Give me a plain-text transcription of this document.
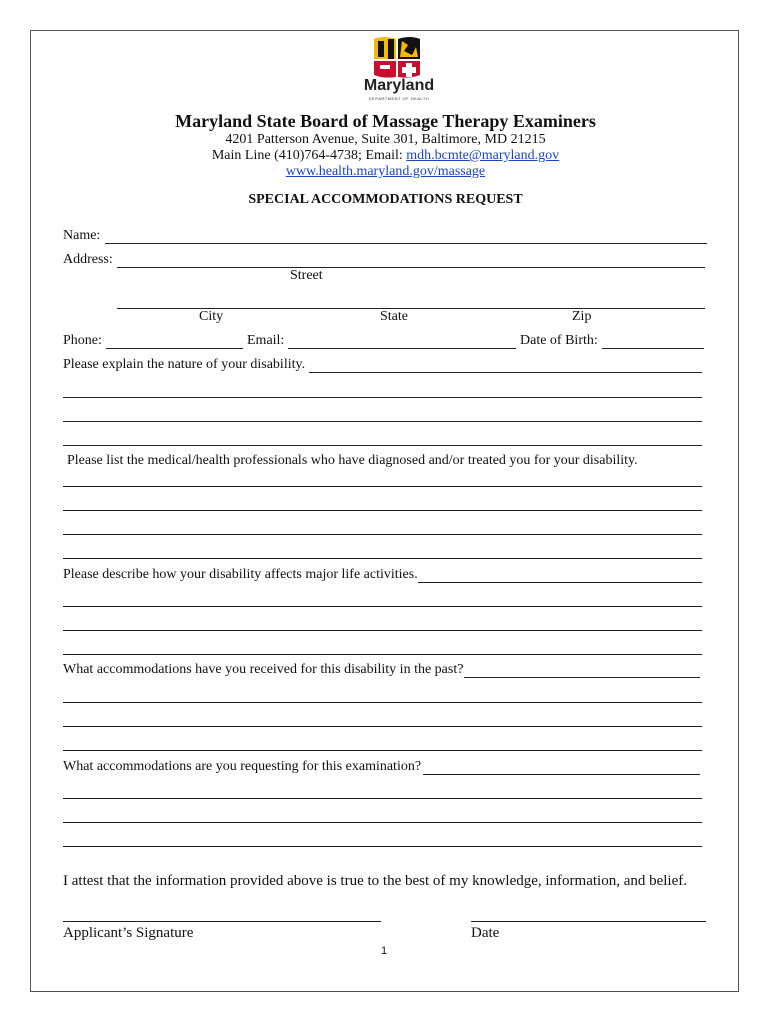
Maryland
DEPARTMENT OF HEALTH
Maryland State Board of Massage Therapy Examiners
4201 Patterson Avenue, Suite 301, Baltimore, MD 21215
Main Line (410)764-4738; Email: mdh.bcmte@maryland.gov
www.health.maryland.gov/massage
SPECIAL ACCOMMODATIONS REQUEST
Name:
Address:
Street
City	State	Zip
Phone:	Email:	Date of Birth:
Please explain the nature of your disability.
Please list the medical/health professionals who have diagnosed and/or treated you for your disability.
Please describe how your disability affects major life activities.
What accommodations have you received for this disability in the past?
What accommodations are you requesting for this examination?
I attest that the information provided above is true to the best of my knowledge, information, and belief.
Applicant’s Signature	Date
1
